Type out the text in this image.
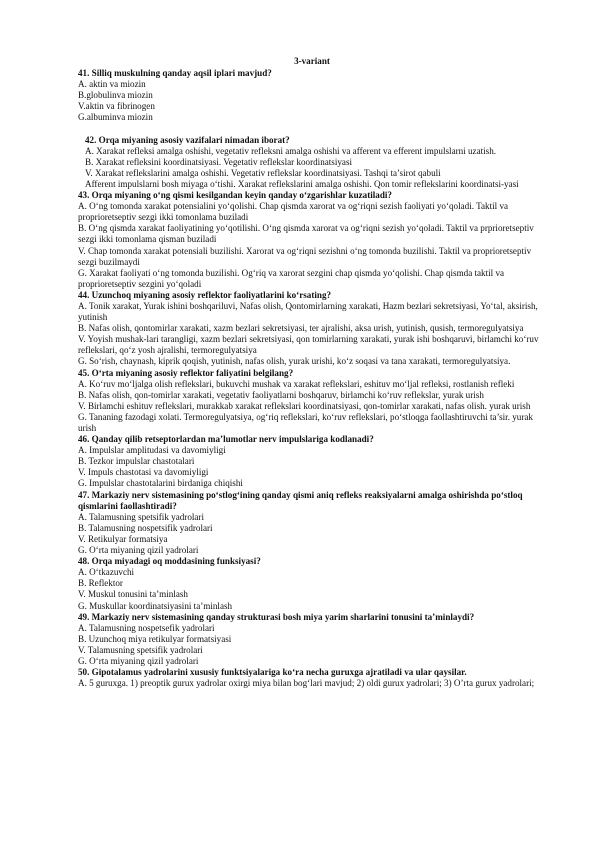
3-variant
41. Silliq muskulning qanday aqsil iplari mavjud?
A. aktin va miozin
B.globulinva miozin
V.aktin va fibrinogen
G.albuminva miozin
42. Orqa miyaning asosiy vazifalari nimadan iborat?
A. Xarakat refleksi amalga oshishi, vegetativ refleksni amalga oshishi va afferent va efferent impulslarni uzatish.
B. Xarakat refleksini koordinatsiyasi. Vegetativ reflekslar koordinatsiyasi
V. Xarakat reflekslarini amalga oshishi. Vegetativ reflekslar koordinatsiyasi. Tashqi ta’sirot qabuli
Afferent impulslarni bosh miyaga o‘tishi. Xarakat reflekslarini amalga oshishi. Qon tomir reflekslarini koordinatsi-yasi
43. Orqa miyaning o‘ng qismi kesilgandan keyin qanday o‘zgarishlar kuzatiladi?
A. O‘ng tomonda xarakat potensialini yo‘qolishi. Chap qismda xarorat va og‘riqni sezish faoliyati yo‘qoladi. Taktil va proprioretseptiv sezgi ikki tomonlama buziladi
B. O‘ng qismda xarakat faoliyatining yo‘qotilishi. O‘ng qismda xarorat va og‘riqni sezish yo‘qoladi. Taktil va prprioretseptiv sezgi ikki tomonlama qisman buziladi
V. Chap tomonda xarakat potensiali buzilishi. Xarorat va og‘riqni sezishni o‘ng tomonda buzilishi. Taktil va proprioretseptiv sezgi buzilmaydi
G. Xarakat faoliyati o‘ng tomonda buzilishi. Og‘riq va xarorat sezgini chap qismda yo‘qolishi. Chap qismda taktil va proprioretseptiv sezgini yo‘qoladi
44. Uzunchoq miyaning asosiy reflektor faoliyatlarini ko‘rsating?
A. Tonik xarakat, Yurak ishini boshqariluvi, Nafas olish, Qontomirlarning xarakati, Hazm bezlari sekretsiyasi, Yo‘tal, aksirish, yutinish
B. Nafas olish, qontomirlar xarakati, xazm bezlari sekretsiyasi, ter ajralishi, aksa urish, yutinish, qusish, termoregulyatsiya
V. Yoyish mushak-lari tarangligi, xazm bezlari sekretsiyasi, qon tomirlarning xarakati, yurak ishi boshqaruvi, birlamchi ko‘ruv reflekslari, qo‘z yosh ajralishi, termoregulyatsiya
G. So‘rish, chaynash, kiprik qoqish, yutinish, nafas olish, yurak urishi, ko‘z soqasi va tana xarakati, termoregulyatsiya.
45. O‘rta miyaning asosiy reflektor faliyatini belgilang?
A. Ko‘ruv mo‘ljalga olish reflekslari, bukuvchi mushak va xarakat reflekslari, eshituv mo‘ljal refleksi, rostlanish refleki
B. Nafas olish, qon-tomirlar xarakati, vegetativ faoliyatlarni boshqaruv, birlamchi ko‘ruv reflekslar, yurak urish
V. Birlamchi eshituv reflekslari, murakkab xarakat reflekslari koordinatsiyasi, qon-tomirlar xarakati, nafas olish. yurak urish
G. Tananing fazodagi xolati. Termoregulyatsiya, og‘riq reflekslari, ko‘ruv reflekslari, po‘stloqga faollashtiruvchi ta’sir. yurak urish
46. Qanday qilib retseptorlardan ma’lumotlar nerv impulslariga kodlanadi?
A. Impulslar amplitudasi va davomiyligi
B. Tezkor impulslar chastotalari
V. Impuls chastotasi va davomiyligi
G. Impulslar chastotalarini birdaniga chiqishi
47. Markaziy nerv sistemasining po‘stlog‘ining qanday qismi aniq refleks reaksiyalarni amalga oshirishda po‘stloq qismlarini faollashtiradi?
A. Talamusning spetsifik yadrolari
B. Talamusning nospetsifik yadrolari
V. Retikulyar formatsiya
G. O‘rta miyaning qizil yadrolari
48. Orqa miyadagi oq moddasining funksiyasi?
A. O‘tkazuvchi
B. Reflektor
V. Muskul tonusini ta’minlash
G. Muskullar koordinatsiyasini ta’minlash
49. Markaziy nerv sistemasining qanday strukturasi bosh miya yarim sharlarini tonusini ta’minlaydi?
A. Talamusning nospetsefik yadrolari
B. Uzunchoq miya retikulyar formatsiyasi
V. Talamusning spetsifik yadrolari
G. O‘rta miyaning qizil yadrolari
50. Gipotalamus yadrolarini xususiy funktsiyalariga ko‘ra necha guruxga ajratiladi va ular qaysilar.
A. 5 guruxga. 1) preoptik gurux yadrolar oxirgi miya bilan bog‘lari mavjud; 2) oldi gurux yadrolari; 3) O’rta gurux yadrolari;
